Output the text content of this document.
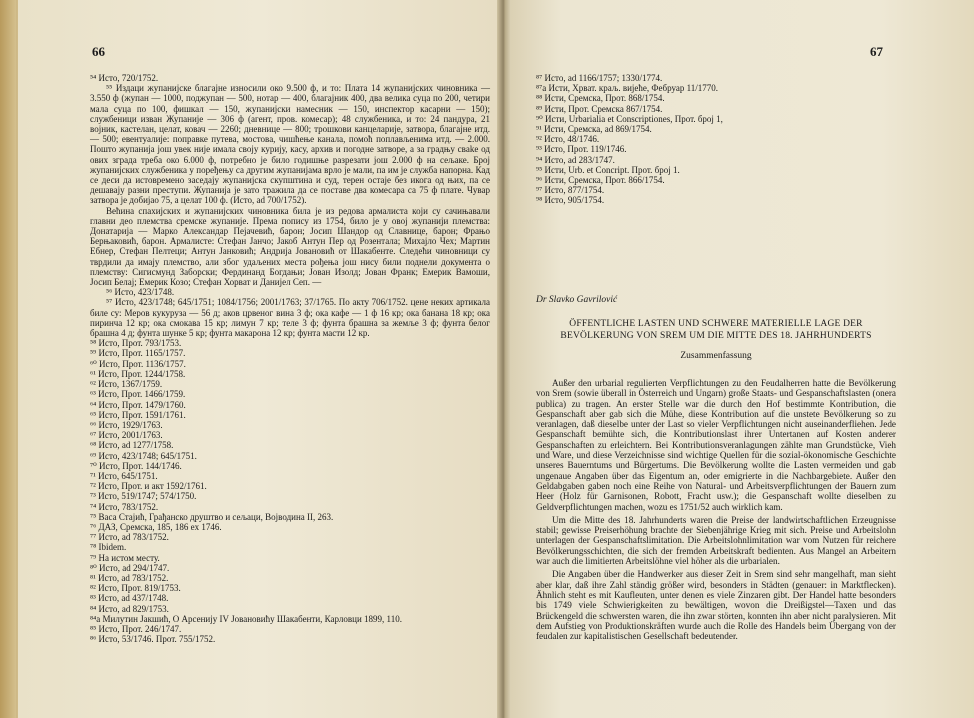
66	67

⁵⁴ Исто, 720/1752.

⁵⁵ Издаци жупанијске благајне износили око 9.500 ф, и то: Плата 14 жупанијских чиновника — 3.550 ф (жупан — 1000, поджупан — 500, нотар — 400, благајник 400, два велика суца по 200, четири мала суца по 100, фишкал — 150, жупанијски намесник — 150, инспектор касарни — 150); службеници изван Жупаније — 306 ф (агент, пров. комесар); 48 службеника, и то: 24 пандура, 21 војник, кастелан, целат, ковач — 2260; дневнице — 800; трошкови канцеларије, затвора, благајне итд. — 500; евентуалије: поправке путева, мостова, чишћење канала, помоћ поплављенима итд. — 2.000. Пошто жупанија још увек није имала своју курију, касу, архив и погодне затворе, а за градњу свake од ових зграда треба око 6.000 ф, потребно је било годишње разрезати још 2.000 ф на сељаке. Број жупанијских службеника у поређењу са другим жупанијама врло је мали, па им је служба напорна. Кад се деси да истовремено заседају жупанијска скупштина и суд, терен остаје без икога од њих, па се дешавају разни преступи. Жупанија је зато тражила да се поставе два комесара са 75 ф плате. Чувар затвора је добијао 75, а целат 100 ф. (Исто, ad 700/1752).

Већина спахијских и жупанијских чиновника била је из редова армалиста који су сачињавали главни део племства сремске жупаније. Према попису из 1754, било је у овој жупанији племства: Донатарија — Марко Александар Пејачевић, барон; Јосип Шандор од Славнице, барон; Фрањо Берњаковић, барон. Армалисте: Стефан Јанчо; Јакоб Антун Пер од Розентала; Михајло Чех; Мартин Ебнер, Стефан Пелтеци; Антун Јанковић; Андрија Јовановић от Шакабенте. Следећи чиновници су тврдили да имају племство, али због удаљених места рођења још нису били поднели документа о племству: Сигисмунд Заборски; Фердинанд Богдањи; Јован Изолд; Јован Франк; Емерик Вамоши, Јосип Белај; Емерик Козо; Стефан Хорват и Данијел Сеп. —

⁵⁶ Исто, 423/1748.

⁵⁷ Исто, 423/1748; 645/1751; 1084/1756; 2001/1763; 37/1765. По акту 706/1752. цене неких артикала биле су: Меров кукуруза — 56 д; аков црвеног вина 3 ф; ока кафе — 1 ф 16 кр; ока банана 18 кр; ока пиринча 12 кр; ока смокава 15 кр; лимун 7 кр; теле 3 ф; фунта брашна за жемље 3 ф; фунта белог брашна 4 д; фунта шунке 5 кр; фунта макарона 12 кр; фунта масти 12 кр.

⁵⁸ Исто, Прот. 793/1753.
⁵⁹ Исто, Прот. 1165/1757.
⁶⁰ Исто, Прот. 1136/1757.
⁶¹ Исто, Прот. 1244/1758.
⁶² Исто, 1367/1759.
⁶³ Исто, Прот. 1466/1759.
⁶⁴ Исто, Прот. 1479/1760.
⁶⁵ Исто, Прот. 1591/1761.
⁶⁶ Исто, 1929/1763.
⁶⁷ Исто, 2001/1763.
⁶⁸ Исто, ad 1277/1758.
⁶⁹ Исто, 423/1748; 645/1751.
⁷⁰ Исто, Прот. 144/1746.
⁷¹ Исто, 645/1751.
⁷² Исто, Прот. и акт 1592/1761.
⁷³ Исто, 519/1747; 574/1750.
⁷⁴ Исто, 783/1752.
⁷⁵ Васа Стајић, Грађанско друштво и сељаци, Војводина II, 263.
⁷⁶ ДАЗ, Сремска, 185, 186 ex 1746.
⁷⁷ Исто, ad 783/1752.
⁷⁸ Ibidem.
⁷⁹ На истом месту.
⁸⁰ Исто, ad 294/1747.
⁸¹ Исто, ad 783/1752.
⁸² Исто, Прот. 819/1753.
⁸³ Исто, ad 437/1748.
⁸⁴ Исто, ad 829/1753.
⁸⁴а Милутин Јакшић, О Арсенију IV Јовановићу Шакабенти, Карловци 1899, 110.
⁸⁵ Исто, Прот. 246/1747.
⁸⁶ Исто, 53/1746. Прот. 755/1752.
⁸⁷ Исто, ad 1166/1757; 1330/1774.
⁸⁷а Исти, Хрват. краљ. вијеће, Фебруар 11/1770.
⁸⁸ Исти, Сремска, Прот. 868/1754.
⁸⁹ Исти, Прот. Сремска 867/1754.
⁹⁰ Исти, Urbarialia et Conscriptiones, Прот. број 1,
⁹¹ Исти, Сремска, ad 869/1754.
⁹² Исто, 48/1746.
⁹³ Исто, Прот. 119/1746.
⁹⁴ Исто, ad 283/1747.
⁹⁵ Исти, Urb. et Concript. Прот. број 1.
⁹⁶ Исти, Сремска, Прот. 866/1754.
⁹⁷ Исто, 877/1754.
⁹⁸ Исто, 905/1754.
Dr Slavko Gavrilović
ÖFFENTLICHE LASTEN UND SCHWERE MATERIELLE LAGE DER
BEVÖLKERUNG VON SREM UM DIE MITTE DES 18. JAHRHUNDERTS
Zusammenfassung

Außer den urbarial regulierten Verpflichtungen zu den Feudalherren hatte die Bevölkerung von Srem (sowie überall in Österreich und Ungarn) große Staats- und Gespanschaftslasten (onera publica) zu tragen. An erster Stelle war die durch den Hof bestimmte Kontribution, die Gespanschaft aber gab sich die Mühe, diese Kontribution auf die unstete Bevölkerung so zu veranlagen, daß dieselbe unter der Last so vieler Verpflichtungen nicht auseinanderfliehen. Jede Gespanschaft bemühte sich, die Kontributionslast ihrer Untertanen auf Kosten anderer Gespanschaften zu erleichtern. Bei Kontributionsveranlagungen zählte man Grundstücke, Vieh und Ware, und diese Verzeichnisse sind wichtige Quellen für die sozial-ökonomische Geschichte unseres Bauerntums und Bürgertums. Die Bevölkerung wollte die Lasten vermeiden und gab ungenaue Angaben über das Eigentum an, oder emigrierte in die Nachbargebiete. Außer den Geldabgaben gaben noch eine Reihe von Natural- und Arbeitsverpflichtungen der Bauern zum Heer (Holz für Garnisonen, Robott, Fracht usw.); die Gespanschaft wollte dieselben zu Geldverpflichtungen machen, wozu es 1751/52 auch wirklich kam.

Um die Mitte des 18. Jahrhunderts waren die Preise der landwirtschaftlichen Erzeugnisse stabil; gewisse Preiserhöhung brachte der Siebenjährige Krieg mit sich. Preise und Arbeitslohn unterlagen der Gespanschaftslimitation. Die Arbeitslohnlimitation war vom Nutzen für reichere Bevölkerungsschichten, die sich der fremden Arbeitskraft bedienten. Aus Mangel an Arbeitern war auch die limitierten Arbeitslöhne viel höher als die urbarialen.

Die Angaben über die Handwerker aus dieser Zeit in Srem sind sehr mangelhaft, man sieht aber klar, daß ihre Zahl ständig größer wird, besonders in Städten (genauer: in Marktflecken). Ähnlich steht es mit Kaufleuten, unter denen es viele Zinzaren gibt. Der Handel hatte besonders bis 1749 viele Schwierigkeiten zu bewältigen, wovon die Dreißigstel—Taxen und das Brückengeld die schwersten waren, die ihn zwar störten, konnten ihn aber nicht paralysieren. Mit dem Aufstieg von Produktionskräften wurde auch die Rolle des Handels beim Übergang von der feudalen zur kapitalistischen Gesellschaft bedeutender.
